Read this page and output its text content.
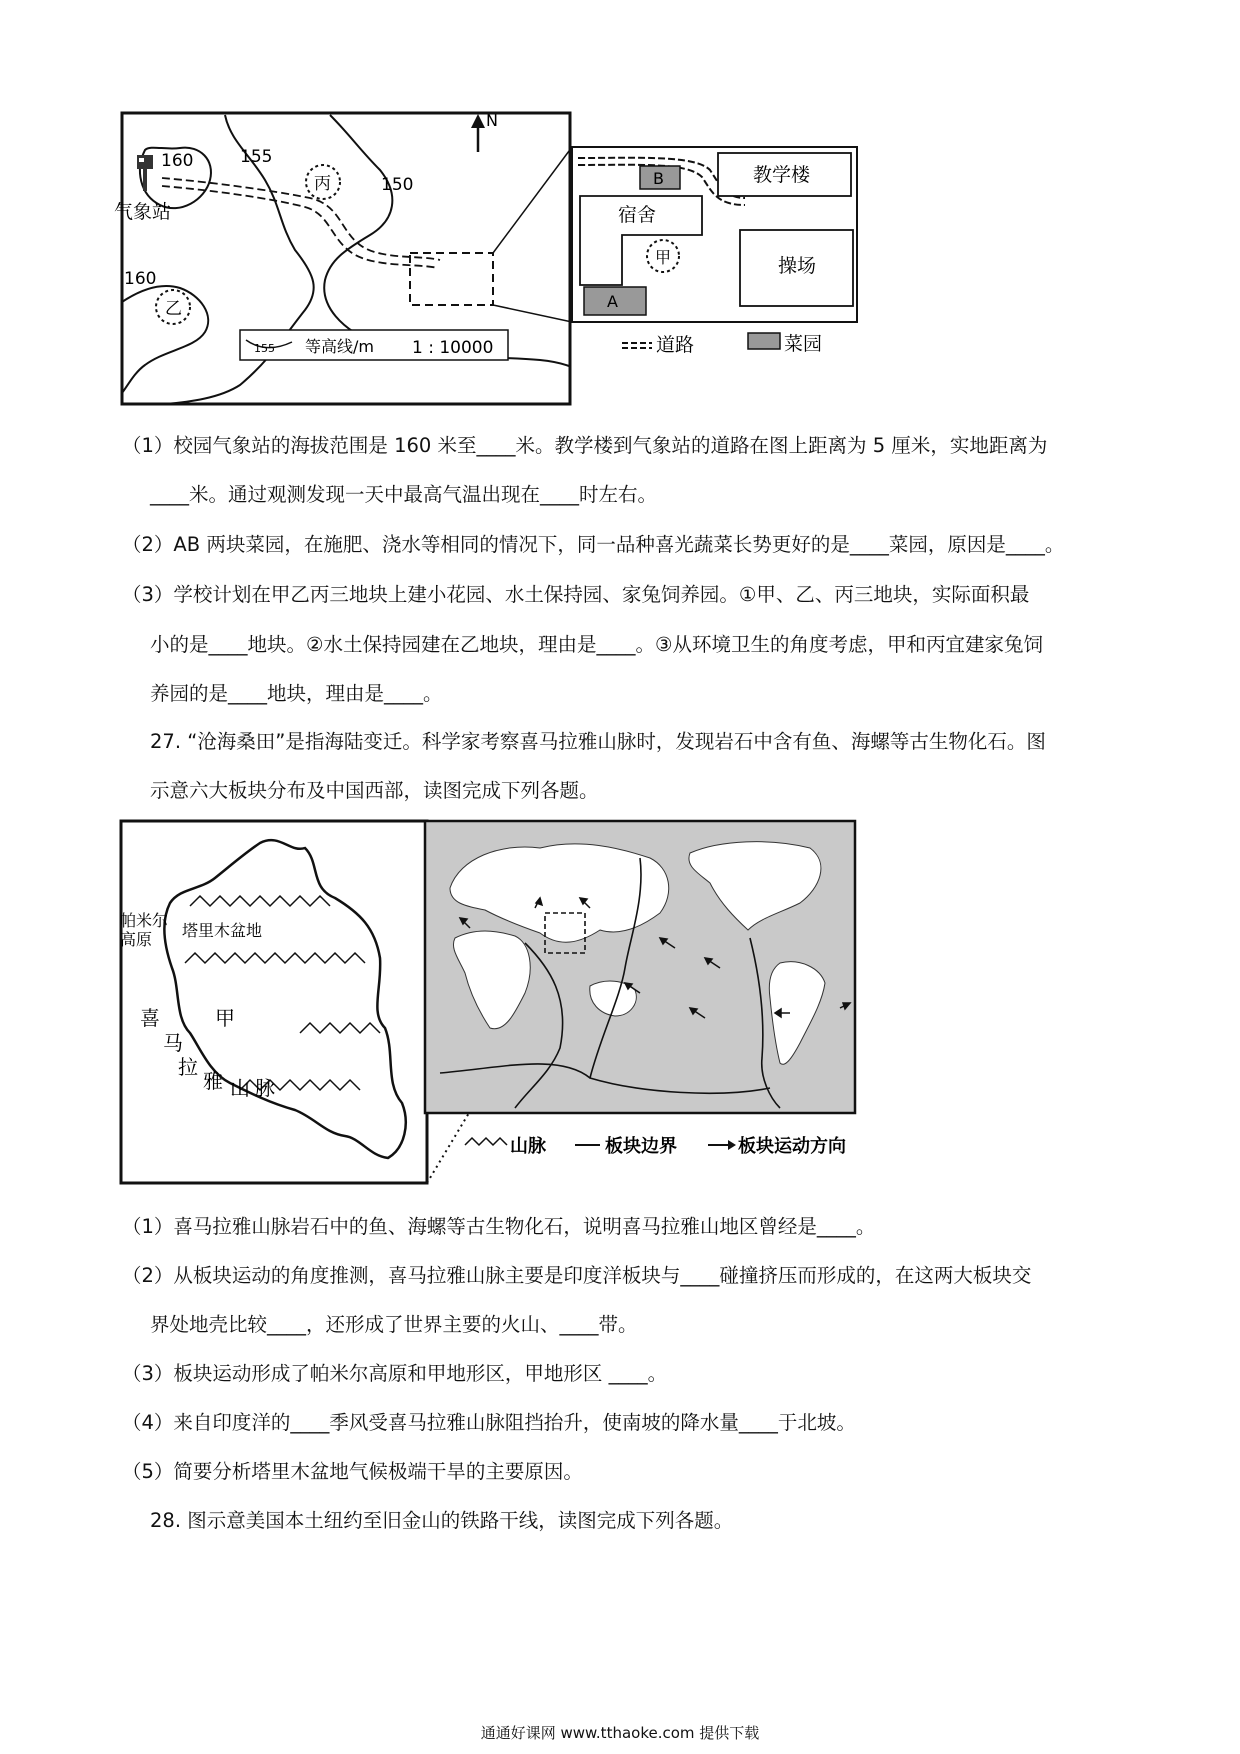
N
160	155
150
160
气象站
丙
乙
155 等高线/m 1 : 10000
教学楼
B
宿舍
甲	操场
A
道路	菜园
（1）校园气象站的海拔范围是 160 米至____米。教学楼到气象站的道路在图上距离为 5 厘米，实地距离为
____米。通过观测发现一天中最高气温出现在____时左右。
（2）AB 两块菜园，在施肥、浇水等相同的情况下，同一品种喜光蔬菜长势更好的是____菜园，原因是____。
（3）学校计划在甲乙丙三地块上建小花园、水土保持园、家兔饲养园。①甲、乙、丙三地块，实际面积最
小的是____地块。②水土保持园建在乙地块，理由是____。③从环境卫生的角度考虑，甲和丙宜建家兔饲
养园的是____地块，理由是____。
27. “沧海桑田”是指海陆变迁。科学家考察喜马拉雅山脉时，发现岩石中含有鱼、海螺等古生物化石。图
示意六大板块分布及中国西部，读图完成下列各题。
帕米尔
高原 塔里木盆地
甲
喜
马
拉
雅 山 脉
山脉	板块边界	板块运动方向
（1）喜马拉雅山脉岩石中的鱼、海螺等古生物化石，说明喜马拉雅山地区曾经是____。
（2）从板块运动的角度推测，喜马拉雅山脉主要是印度洋板块与____碰撞挤压而形成的，在这两大板块交
界处地壳比较____，还形成了世界主要的火山、____带。
（3）板块运动形成了帕米尔高原和甲地形区，甲地形区 ____。
（4）来自印度洋的____季风受喜马拉雅山脉阻挡抬升，使南坡的降水量____于北坡。
（5）简要分析塔里木盆地气候极端干旱的主要原因。
28. 图示意美国本土纽约至旧金山的铁路干线，读图完成下列各题。
通通好课网 www.tthaoke.com 提供下载
